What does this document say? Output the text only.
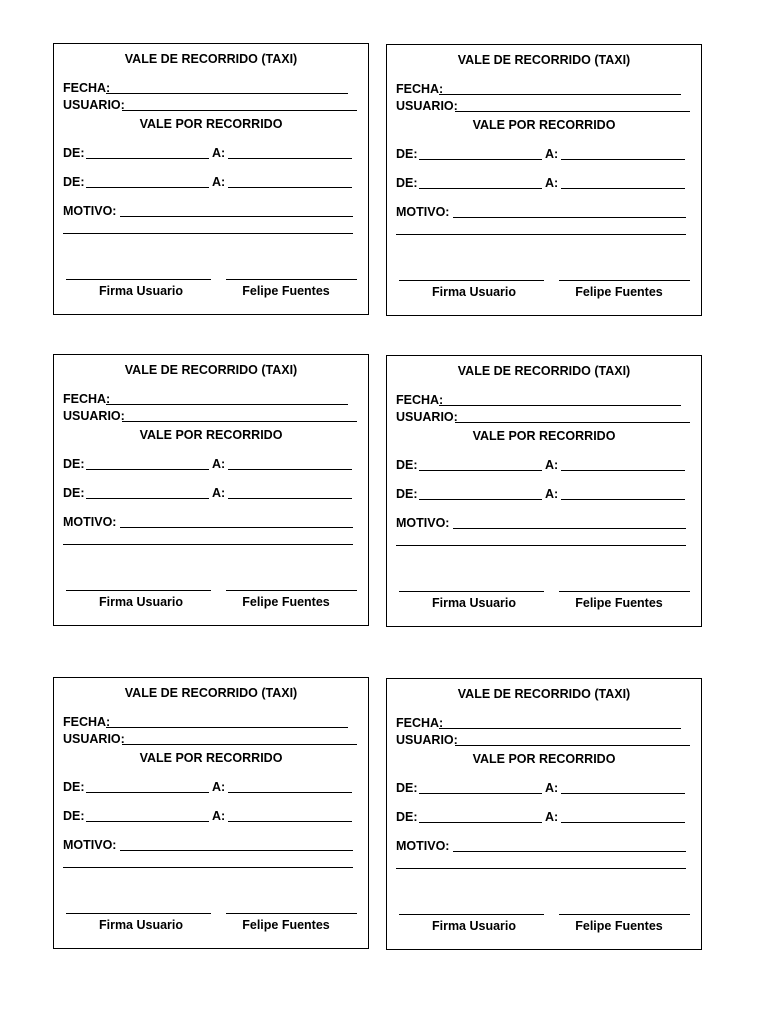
VALE DE RECORRIDO (TAXI)
FECHA:
USUARIO:
VALE POR RECORRIDO
DE:	A:
DE:	A:
MOTIVO:
Firma Usuario	Felipe Fuentes
VALE DE RECORRIDO (TAXI)
FECHA:
USUARIO:
VALE POR RECORRIDO
DE:	A:
DE:	A:
MOTIVO:
Firma Usuario	Felipe Fuentes
VALE DE RECORRIDO (TAXI)
FECHA:
USUARIO:
VALE POR RECORRIDO
DE:	A:
DE:	A:
MOTIVO:
Firma Usuario	Felipe Fuentes
VALE DE RECORRIDO (TAXI)
FECHA:
USUARIO:
VALE POR RECORRIDO
DE:	A:
DE:	A:
MOTIVO:
Firma Usuario	Felipe Fuentes
VALE DE RECORRIDO (TAXI)
FECHA:
USUARIO:
VALE POR RECORRIDO
DE:	A:
DE:	A:
MOTIVO:
Firma Usuario	Felipe Fuentes
VALE DE RECORRIDO (TAXI)
FECHA:
USUARIO:
VALE POR RECORRIDO
DE:	A:
DE:	A:
MOTIVO:
Firma Usuario	Felipe Fuentes
